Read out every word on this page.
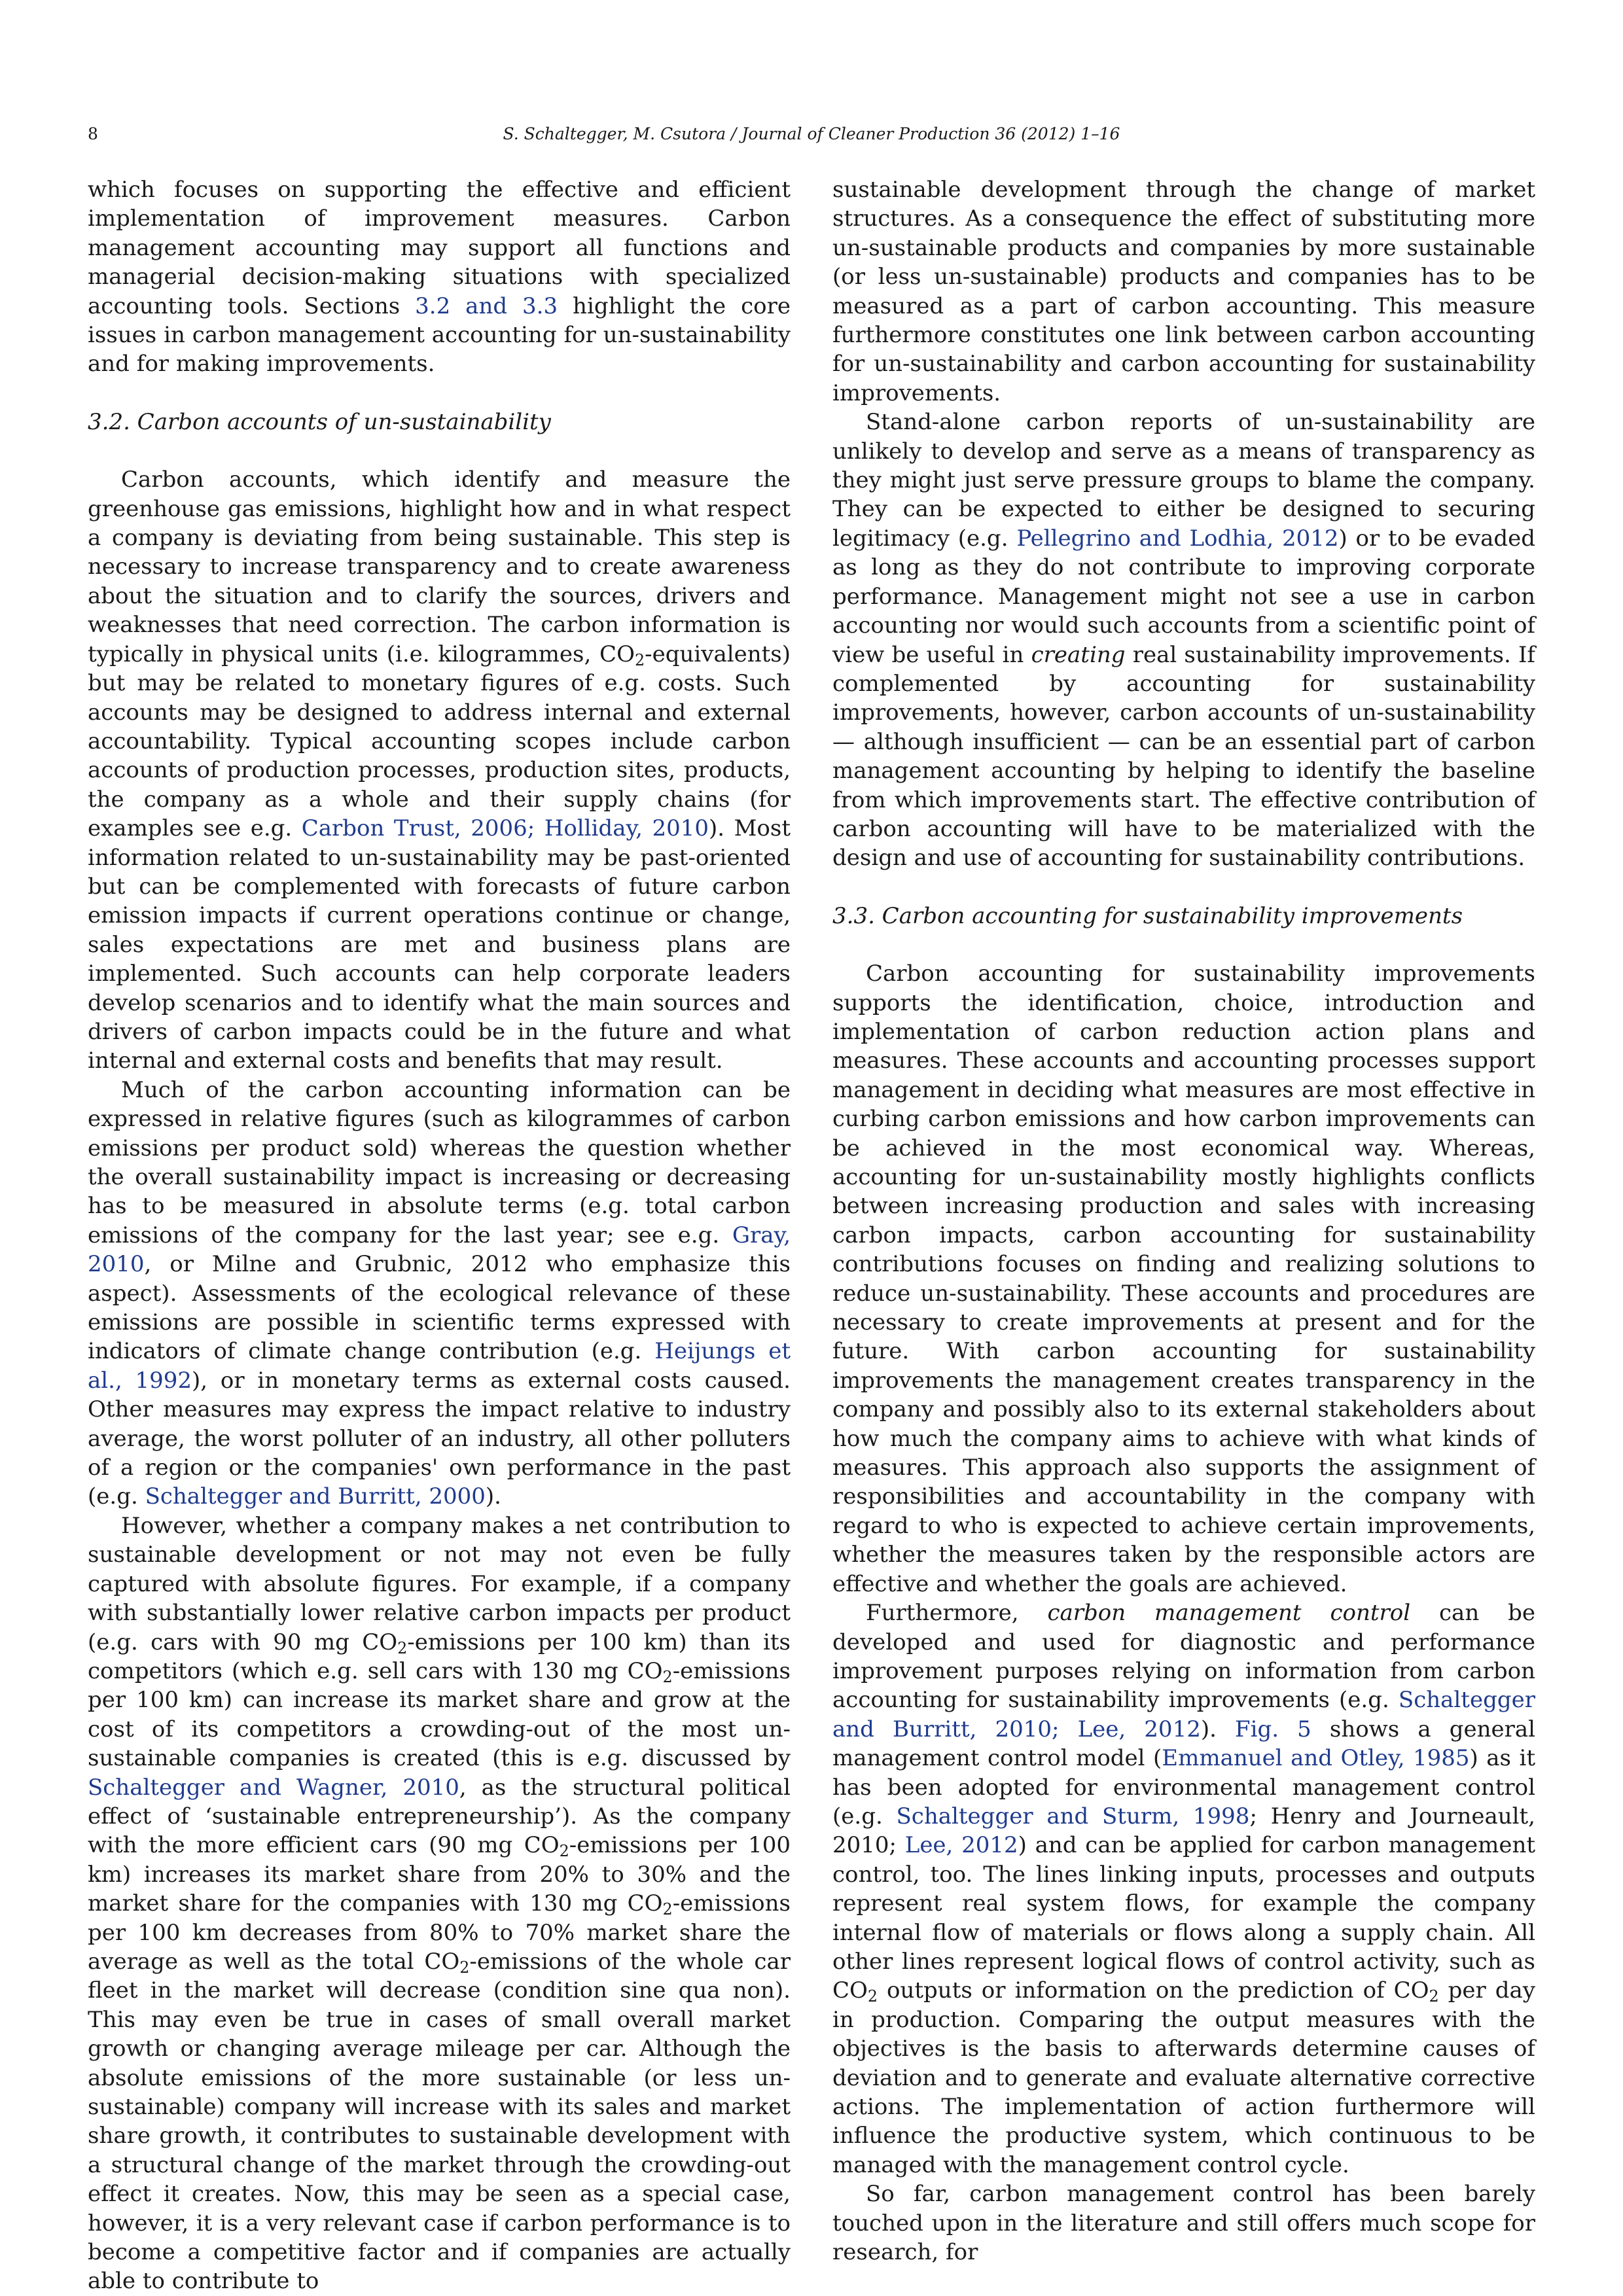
8	S. Schaltegger, M. Csutora / Journal of Cleaner Production 36 (2012) 1–16

which focuses on supporting the effective and efficient implementation of improvement measures. Carbon management accounting may support all functions and managerial decision-making situations with specialized accounting tools. Sections 3.2 and 3.3 highlight the core issues in carbon management accounting for un-sustainability and for making improvements.

3.2. Carbon accounts of un-sustainability

Carbon accounts, which identify and measure the greenhouse gas emissions, highlight how and in what respect a company is deviating from being sustainable. This step is necessary to increase transparency and to create awareness about the situation and to clarify the sources, drivers and weaknesses that need correction. The carbon information is typically in physical units (i.e. kilogrammes, $CO_2-equivalents$) but may be related to monetary figures of e.g. costs. Such accounts may be designed to address internal and external accountability. Typical accounting scopes include carbon accounts of production processes, production sites, products, the company as a whole and their supply chains (for examples see e.g. Carbon Trust, 2006; Holliday, 2010). Most information related to un-sustainability may be past-oriented but can be complemented with forecasts of future carbon emission impacts if current operations continue or change, sales expectations are met and business plans are implemented. Such accounts can help corporate leaders develop scenarios and to identify what the main sources and drivers of carbon impacts could be in the future and what internal and external costs and benefits that may result.

Much of the carbon accounting information can be expressed in relative figures (such as kilogrammes of carbon emissions per product sold) whereas the question whether the overall sustainability impact is increasing or decreasing has to be measured in absolute terms (e.g. total carbon emissions of the company for the last year; see e.g. Gray, 2010, or Milne and Grubnic, 2012 who emphasize this aspect). Assessments of the ecological relevance of these emissions are possible in scientific terms expressed with indicators of climate change contribution (e.g. Heijungs et al., 1992), or in monetary terms as external costs caused. Other measures may express the impact relative to industry average, the worst polluter of an industry, all other polluters of a region or the companies' own performance in the past (e.g. Schaltegger and Burritt, 2000).

However, whether a company makes a net contribution to sustainable development or not may not even be fully captured with absolute figures. For example, if a company with substantially lower relative carbon impacts per product (e.g. cars with 90 mg $CO_2$-emissions per 100 km) than its competitors (which e.g. sell cars with 130 mg $CO_2$-emissions per 100 km) can increase its market share and grow at the cost of its competitors a crowding-out of the most un-sustainable companies is created (this is e.g. discussed by Schaltegger and Wagner, 2010, as the structural political effect of ‘sustainable entrepreneurship’). As the company with the more efficient cars (90 mg $CO_2$-emissions per 100 km) increases its market share from 20% to 30% and the market share for the companies with 130 mg $CO_2$-emissions per 100 km decreases from 80% to 70% market share the average as well as the total $CO_2$-emissions of the whole car fleet in the market will decrease (condition sine qua non). This may even be true in cases of small overall market growth or changing average mileage per car. Although the absolute emissions of the more sustainable (or less un-sustainable) company will increase with its sales and market share growth, it contributes to sustainable development with a structural change of the market through the crowding-out effect it creates. Now, this may be seen as a special case, however, it is a very relevant case if carbon performance is to become a competitive factor and if companies are actually able to contribute to

sustainable development through the change of market structures. As a consequence the effect of substituting more un-sustainable products and companies by more sustainable (or less un-sustainable) products and companies has to be measured as a part of carbon accounting. This measure furthermore constitutes one link between carbon accounting for un-sustainability and carbon accounting for sustainability improvements.

Stand-alone carbon reports of un-sustainability are unlikely to develop and serve as a means of transparency as they might just serve pressure groups to blame the company. They can be expected to either be designed to securing legitimacy (e.g. Pellegrino and Lodhia, 2012) or to be evaded as long as they do not contribute to improving corporate performance. Management might not see a use in carbon accounting nor would such accounts from a scientific point of view be useful in creating real sustainability improvements. If complemented by accounting for sustainability improvements, however, carbon accounts of un-sustainability — although insufficient — can be an essential part of carbon management accounting by helping to identify the baseline from which improvements start. The effective contribution of carbon accounting will have to be materialized with the design and use of accounting for sustainability contributions.

3.3. Carbon accounting for sustainability improvements

Carbon accounting for sustainability improvements supports the identification, choice, introduction and implementation of carbon reduction action plans and measures. These accounts and accounting processes support management in deciding what measures are most effective in curbing carbon emissions and how carbon improvements can be achieved in the most economical way. Whereas, accounting for un-sustainability mostly highlights conflicts between increasing production and sales with increasing carbon impacts, carbon accounting for sustainability contributions focuses on finding and realizing solutions to reduce un-sustainability. These accounts and procedures are necessary to create improvements at present and for the future. With carbon accounting for sustainability improvements the management creates transparency in the company and possibly also to its external stakeholders about how much the company aims to achieve with what kinds of measures. This approach also supports the assignment of responsibilities and accountability in the company with regard to who is expected to achieve certain improvements, whether the measures taken by the responsible actors are effective and whether the goals are achieved.

Furthermore, carbon management control can be developed and used for diagnostic and performance improvement purposes relying on information from carbon accounting for sustainability improvements (e.g. Schaltegger and Burritt, 2010; Lee, 2012). Fig. 5 shows a general management control model (Emmanuel and Otley, 1985) as it has been adopted for environmental management control (e.g. Schaltegger and Sturm, 1998; Henry and Journeault, 2010; Lee, 2012) and can be applied for carbon management control, too. The lines linking inputs, processes and outputs represent real system flows, for example the company internal flow of materials or flows along a supply chain. All other lines represent logical flows of control activity, such as $CO_2$ outputs or information on the prediction of $CO_2$ per day in production. Comparing the output measures with the objectives is the basis to afterwards determine causes of deviation and to generate and evaluate alternative corrective actions. The implementation of action furthermore will influence the productive system, which continuous to be managed with the management control cycle.

So far, carbon management control has been barely touched upon in the literature and still offers much scope for research, for
